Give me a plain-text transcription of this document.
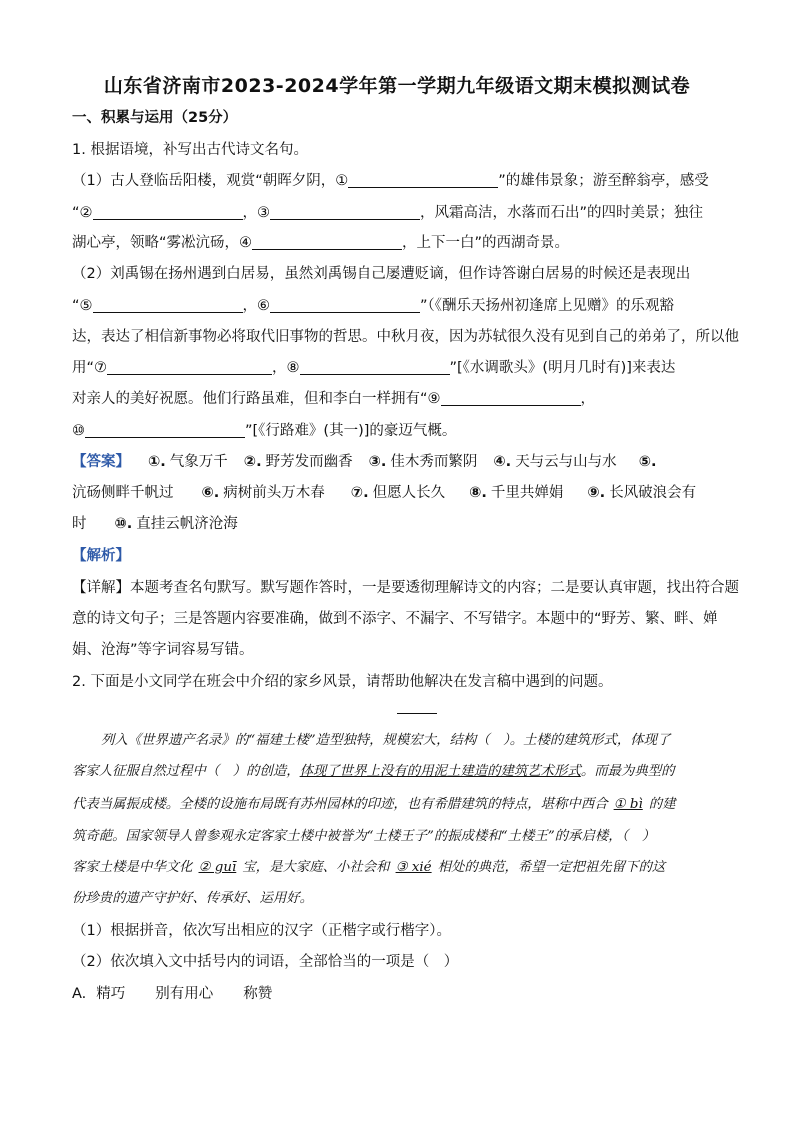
山东省济南市2023-2024学年第一学期九年级语文期末模拟测试卷
一、积累与运用（25分）
1. 根据语境，补写出古代诗文名句。
（1）古人登临岳阳楼，观赏“朝晖夕阴，①	”的雄伟景象；游至醉翁亭，感受
“②	，③	，风霜高洁，水落而石出”的四时美景；独往
湖心亭，领略“雾凇沆砀，④	，上下一白”的西湖奇景。
（2）刘禹锡在扬州遇到白居易，虽然刘禹锡自己屡遭贬谪，但作诗答谢白居易的时候还是表现出
“⑤	，⑥	”（《酬乐天扬州初逢席上见赠》的乐观豁
达，表达了相信新事物必将取代旧事物的哲思。中秋月夜，因为苏轼很久没有见到自己的弟弟了，所以他
用“⑦	，⑧	”[《水调歌头》(明月几时有)]来表达
对亲人的美好祝愿。他们行路虽难，但和李白一样拥有“⑨	，
⑩	”[《行路难》(其一)]的豪迈气概。
【答案】 ①. 气象万千 ②. 野芳发而幽香 ③. 佳木秀而繁阴 ④. 天与云与山与水 ⑤.
沆砀侧畔千帆过 ⑥. 病树前头万木春 ⑦. 但愿人长久 ⑧. 千里共婵娟 ⑨. 长风破浪会有
时 ⑩. 直挂云帆济沧海
【解析】
【详解】本题考查名句默写。默写题作答时，一是要透彻理解诗文的内容；二是要认真审题，找出符合题
意的诗文句子；三是答题内容要准确，做到不添字、不漏字、不写错字。本题中的“野芳、繁、畔、婵
娟、沧海”等字词容易写错。
2. 下面是小文同学在班会中介绍的家乡风景，请帮助他解决在发言稿中遇到的问题。
列入《世界遗产名录》的“福建土楼”造型独特，规模宏大，结构（　）。土楼的建筑形式，体现了
客家人征服自然过程中（　）的创造，体现了世界上没有的用泥土建造的建筑艺术形式。而最为典型的
代表当属振成楼。全楼的设施布局既有苏州园林的印迹，也有希腊建筑的特点，堪称中西合 ① bì 的建
筑奇葩。国家领导人曾参观永定客家土楼中被誉为“土楼王子”的振成楼和“土楼王”的承启楼，（　）
客家土楼是中华文化 ② guī 宝，是大家庭、小社会和 ③ xié 相处的典范，希望一定把祖先留下的这
份珍贵的遗产守护好、传承好、运用好。
（1）根据拼音，依次写出相应的汉字（正楷字或行楷字）。
（2）依次填入文中括号内的词语，全部恰当的一项是（　）
A. 精巧 别有用心 称赞
